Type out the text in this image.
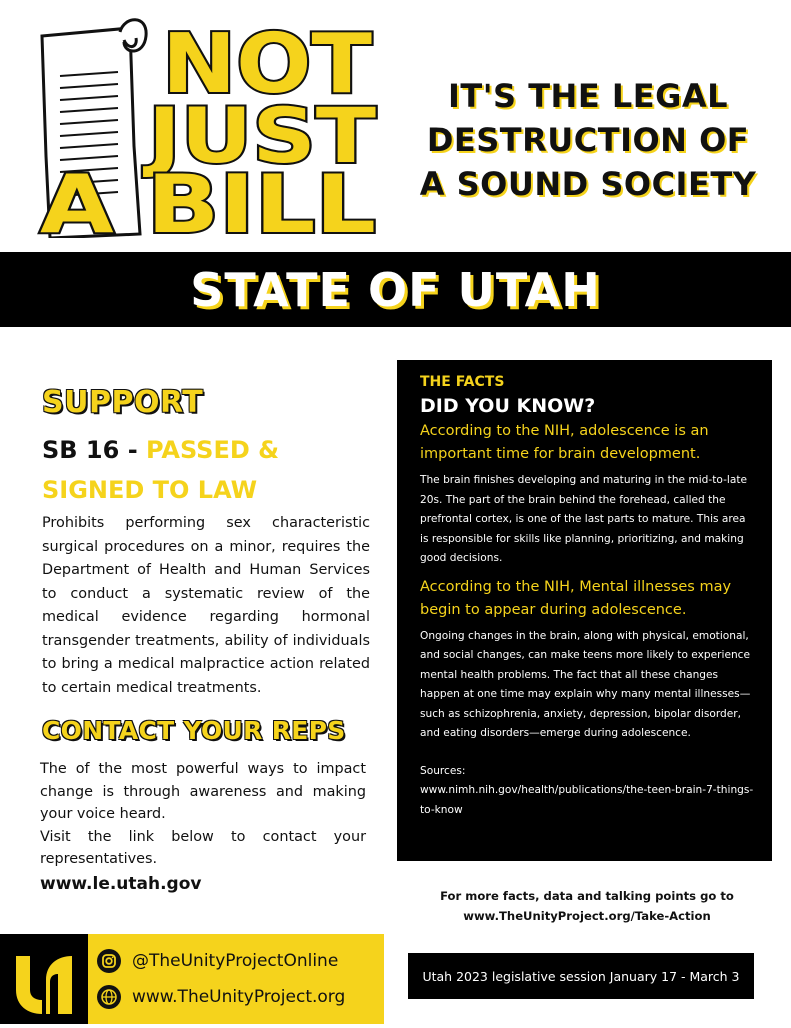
NOT
JUST
A BILL
IT'S THE LEGAL
DESTRUCTION OF
A SOUND SOCIETY
STATE OF UTAH
SUPPORT
SB 16 - PASSED &
SIGNED TO LAW
Prohibits performing sex characteristic surgical procedures on a minor, requires the Department of Health and Human Services to conduct a systematic review of the medical evidence regarding hormonal transgender treatments, ability of individuals to bring a medical malpractice action related to certain medical treatments.
CONTACT YOUR REPS

The of the most powerful ways to impact change is through awareness and making your voice heard.

Visit the link below to contact your representatives.

www.le.utah.gov
THE FACTS
DID YOU KNOW?
According to the NIH, adolescence is an important time for brain development.
The brain finishes developing and maturing in the mid-to-late 20s. The part of the brain behind the forehead, called the prefrontal cortex, is one of the last parts to mature. This area is responsible for skills like planning, prioritizing, and making good decisions.
According to the NIH, Mental illnesses may begin to appear during adolescence.
Ongoing changes in the brain, along with physical, emotional, and social changes, can make teens more likely to experience mental health problems. The fact that all these changes happen at one time may explain why many mental illnesses—such as schizophrenia, anxiety, depression, bipolar disorder, and eating disorders—emerge during adolescence.
Sources:
www.nimh.nih.gov/health/publications/the-teen-brain-7-things-to-know
For more facts, data and talking points go to
www.TheUnityProject.org/Take-Action
@TheUnityProjectOnline
www.TheUnityProject.org
Utah 2023 legislative session January 17 - March 3
